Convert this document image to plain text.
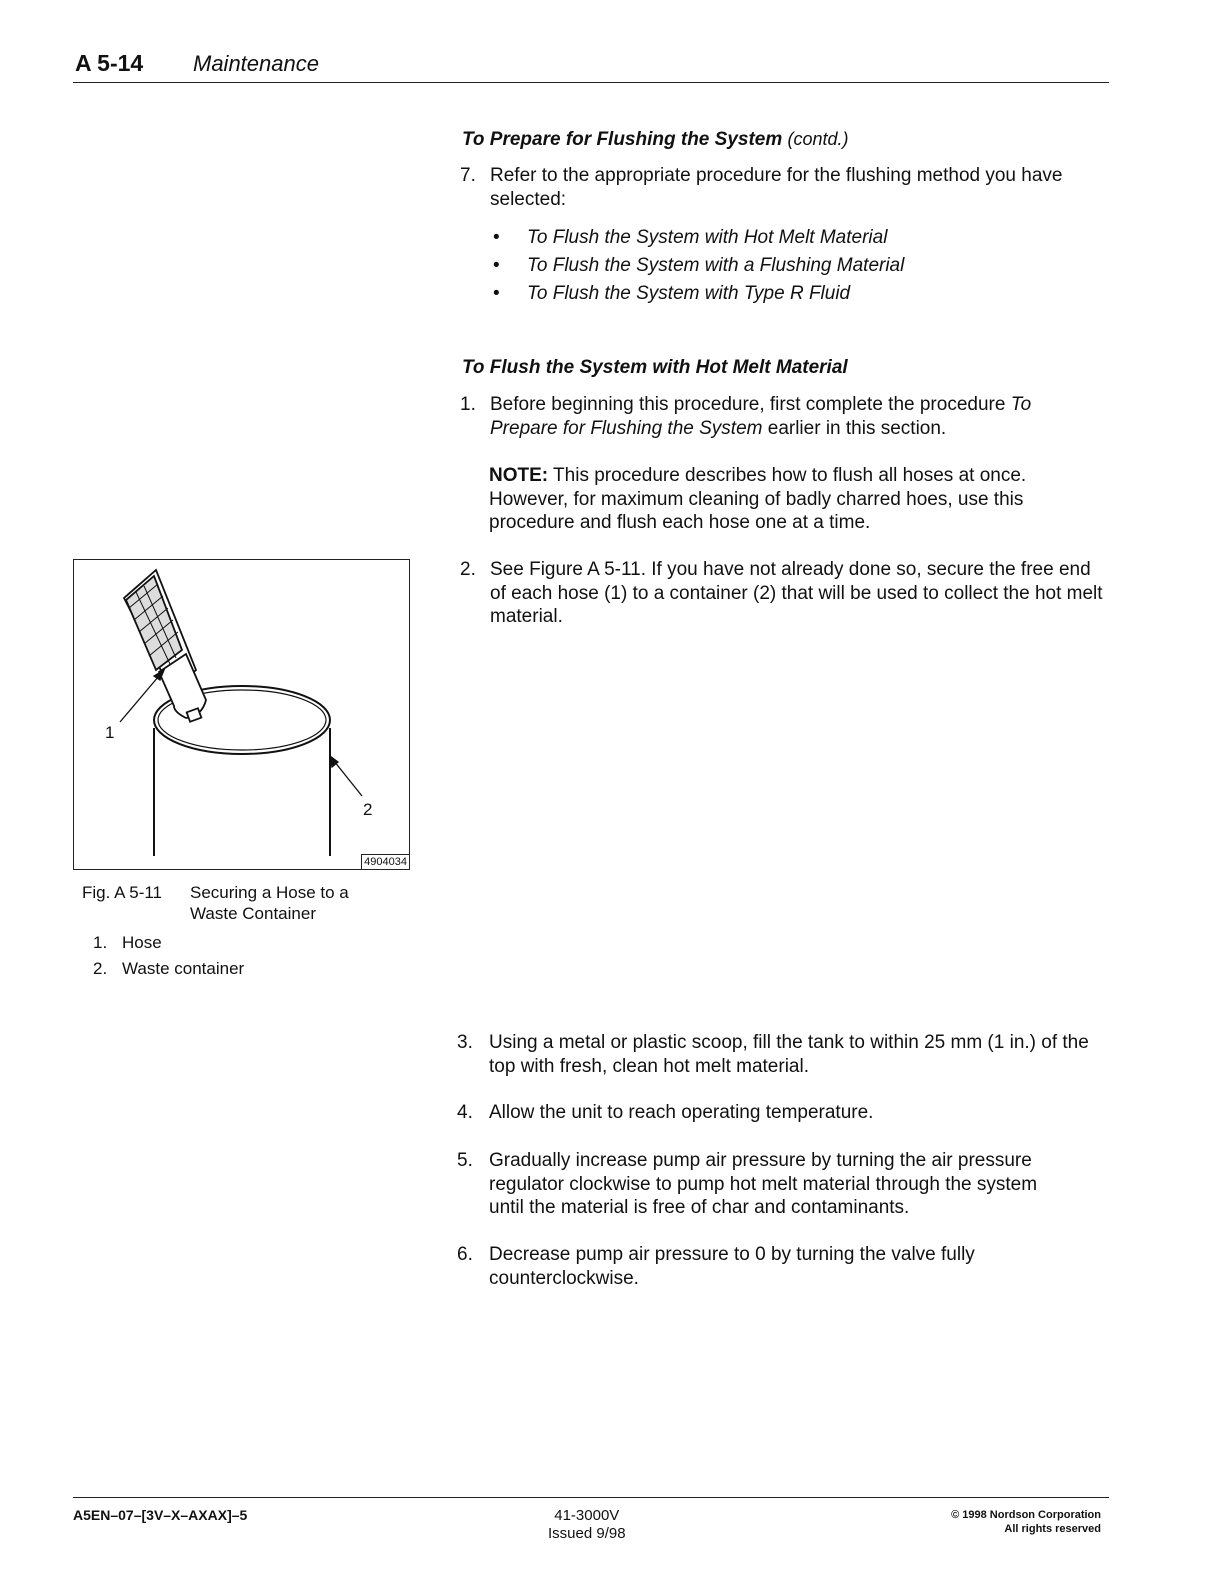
A 5-14 Maintenance
To Prepare for Flushing the System (contd.)
7. Refer to the appropriate procedure for the flushing method you have selected:
•	To Flush the System with Hot Melt Material
•	To Flush the System with a Flushing Material
•	To Flush the System with Type R Fluid
To Flush the System with Hot Melt Material
1. Before beginning this procedure, first complete the procedure To Prepare for Flushing the System earlier in this section.
NOTE: This procedure describes how to flush all hoses at once. However, for maximum cleaning of badly charred hoes, use this procedure and flush each hose one at a time.
2. See Figure A 5-11. If you have not already done so, secure the free end of each hose (1) to a container (2) that will be used to collect the hot melt material.
1
2
4904034
Fig. A 5-11 Securing a Hose to a
Waste Container
1. Hose
2. Waste container
3. Using a metal or plastic scoop, fill the tank to within 25 mm (1 in.) of the top with fresh, clean hot melt material.
4. Allow the unit to reach operating temperature.
5. Gradually increase pump air pressure by turning the air pressure regulator clockwise to pump hot melt material through the system until the material is free of char and contaminants.
6. Decrease pump air pressure to 0 by turning the valve fully counterclockwise.
A5EN–07–[3V–X–AXAX]–5	41-3000V
Issued 9/98
© 1998 Nordson Corporation
All rights reserved
